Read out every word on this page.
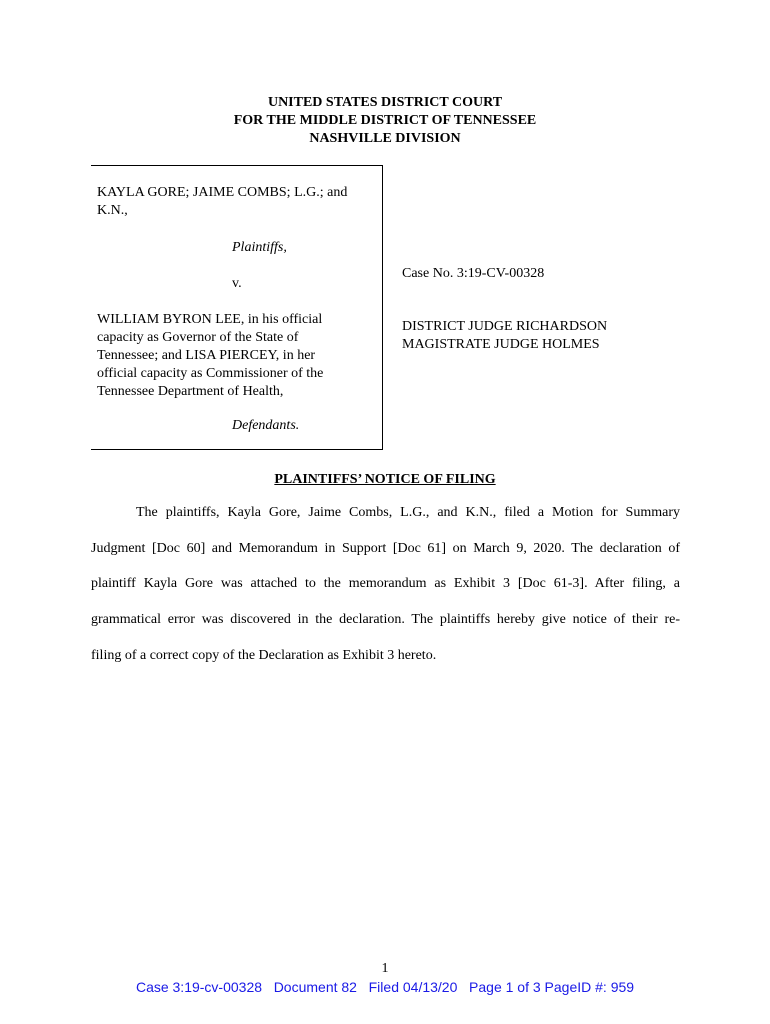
UNITED STATES DISTRICT COURT
FOR THE MIDDLE DISTRICT OF TENNESSEE
NASHVILLE DIVISION
KAYLA GORE; JAIME COMBS; L.G.; and
K.N.,
Plaintiffs,
v.
WILLIAM BYRON LEE, in his official
capacity as Governor of the State of
Tennessee; and LISA PIERCEY, in her
official capacity as Commissioner of the
Tennessee Department of Health,
Defendants.
Case No. 3:19-CV-00328
DISTRICT JUDGE RICHARDSON
MAGISTRATE JUDGE HOLMES
PLAINTIFFS’ NOTICE OF FILING
The plaintiffs, Kayla Gore, Jaime Combs, L.G., and K.N., filed a Motion for Summary
Judgment [Doc 60] and Memorandum in Support [Doc 61] on March 9, 2020. The declaration of
plaintiff Kayla Gore was attached to the memorandum as Exhibit 3 [Doc 61-3]. After filing, a
grammatical error was discovered in the declaration. The plaintiffs hereby give notice of their re-
filing of a correct copy of the Declaration as Exhibit 3 hereto.
1
Case 3:19-cv-00328   Document 82   Filed 04/13/20   Page 1 of 3 PageID #: 959
